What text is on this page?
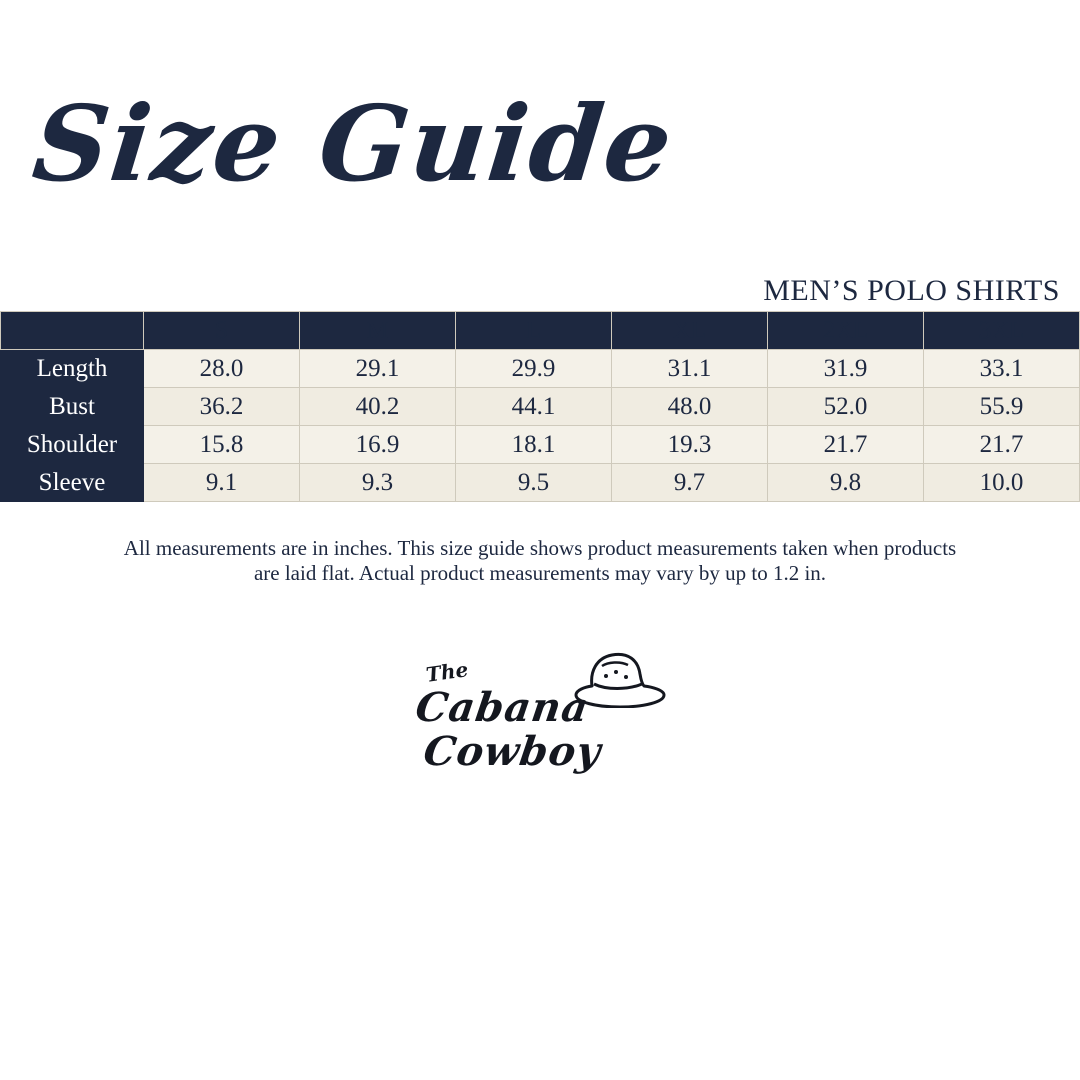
Size Guide
MEN’S POLO SHIRTS
	S	M	L	XL	2XL	3XL
Length	28.0	29.1	29.9	31.1	31.9	33.1
Bust	36.2	40.2	44.1	48.0	52.0	55.9
Shoulder	15.8	16.9	18.1	19.3	21.7	21.7
Sleeve	9.1	9.3	9.5	9.7	9.8	10.0
All measurements are in inches. This size guide shows product measurements taken when products are laid flat. Actual product measurements may vary by up to 1.2 in.
The
Cabana
Cowboy
